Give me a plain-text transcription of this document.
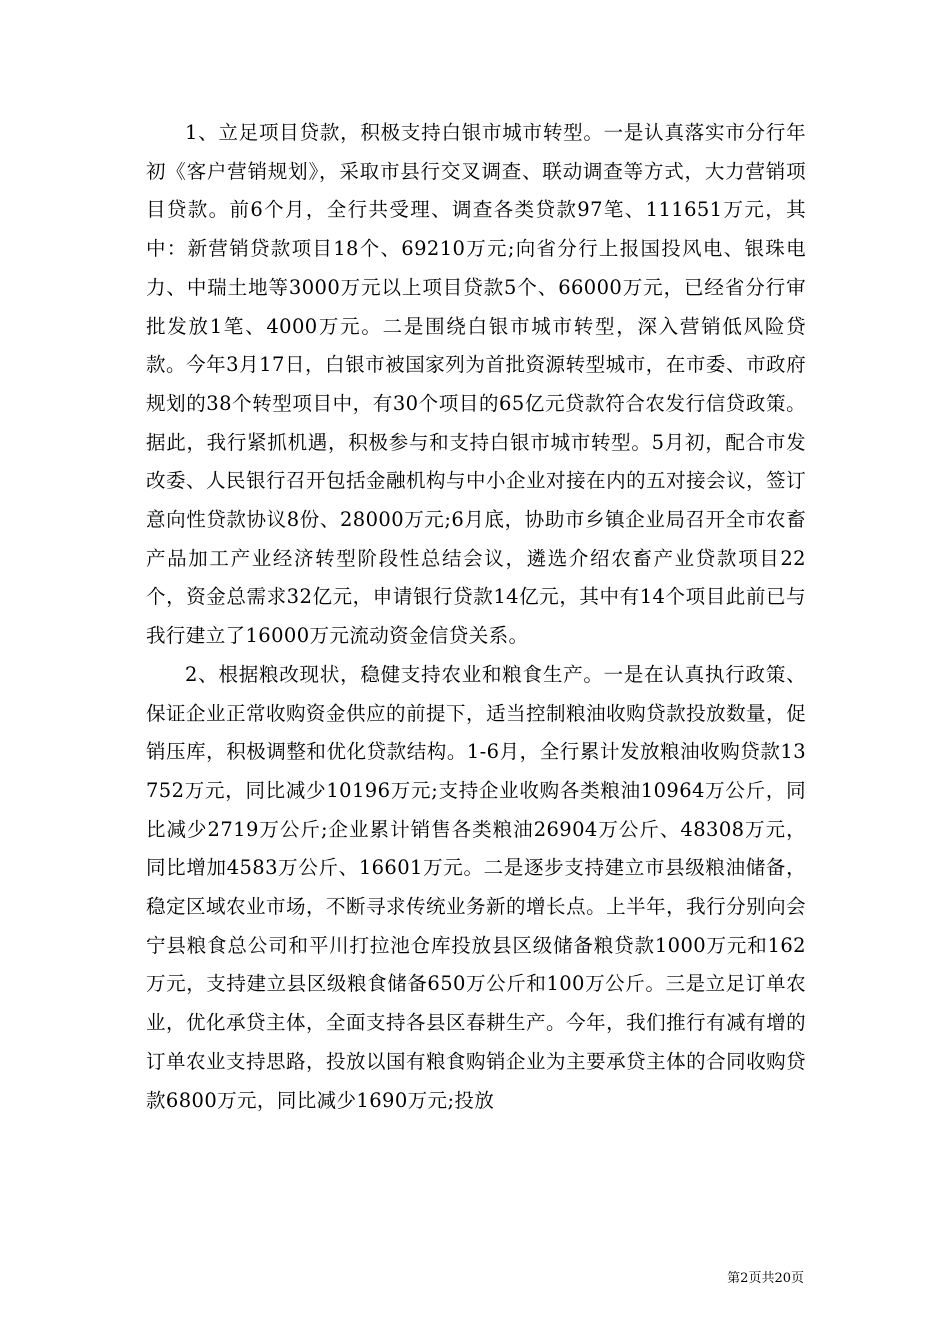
1、立足项目贷款，积极支持白银市城市转型。一是认真落实市分行年初《客户营销规划》，采取市县行交叉调查、联动调查等方式，大力营销项目贷款。前6个月，全行共受理、调查各类贷款97笔、111651万元，其中：新营销贷款项目18个、69210万元;向省分行上报国投风电、银珠电力、中瑞土地等3000万元以上项目贷款5个、66000万元，已经省分行审批发放1笔、4000万元。二是围绕白银市城市转型，深入营销低风险贷款。今年3月17日，白银市被国家列为首批资源转型城市，在市委、市政府规划的38个转型项目中，有30个项目的65亿元贷款符合农发行信贷政策。据此，我行紧抓机遇，积极参与和支持白银市城市转型。5月初，配合市发改委、人民银行召开包括金融机构与中小企业对接在内的五对接会议，签订意向性贷款协议8份、28000万元;6月底，协助市乡镇企业局召开全市农畜产品加工产业经济转型阶段性总结会议，遴选介绍农畜产业贷款项目22个，资金总需求32亿元，申请银行贷款14亿元，其中有14个项目此前已与我行建立了16000万元流动资金信贷关系。

2、根据粮改现状，稳健支持农业和粮食生产。一是在认真执行政策、保证企业正常收购资金供应的前提下，适当控制粮油收购贷款投放数量，促销压库，积极调整和优化贷款结构。1-6月，全行累计发放粮油收购贷款13752万元，同比减少10196万元;支持企业收购各类粮油10964万公斤，同比减少2719万公斤;企业累计销售各类粮油26904万公斤、48308万元，同比增加4583万公斤、16601万元。二是逐步支持建立市县级粮油储备，稳定区域农业市场，不断寻求传统业务新的增长点。上半年，我行分别向会宁县粮食总公司和平川打拉池仓库投放县区级储备粮贷款1000万元和162万元，支持建立县区级粮食储备650万公斤和100万公斤。三是立足订单农业，优化承贷主体，全面支持各县区春耕生产。今年，我们推行有减有增的订单农业支持思路，投放以国有粮食购销企业为主要承贷主体的合同收购贷款6800万元，同比减少1690万元;投放

第2页共20页
